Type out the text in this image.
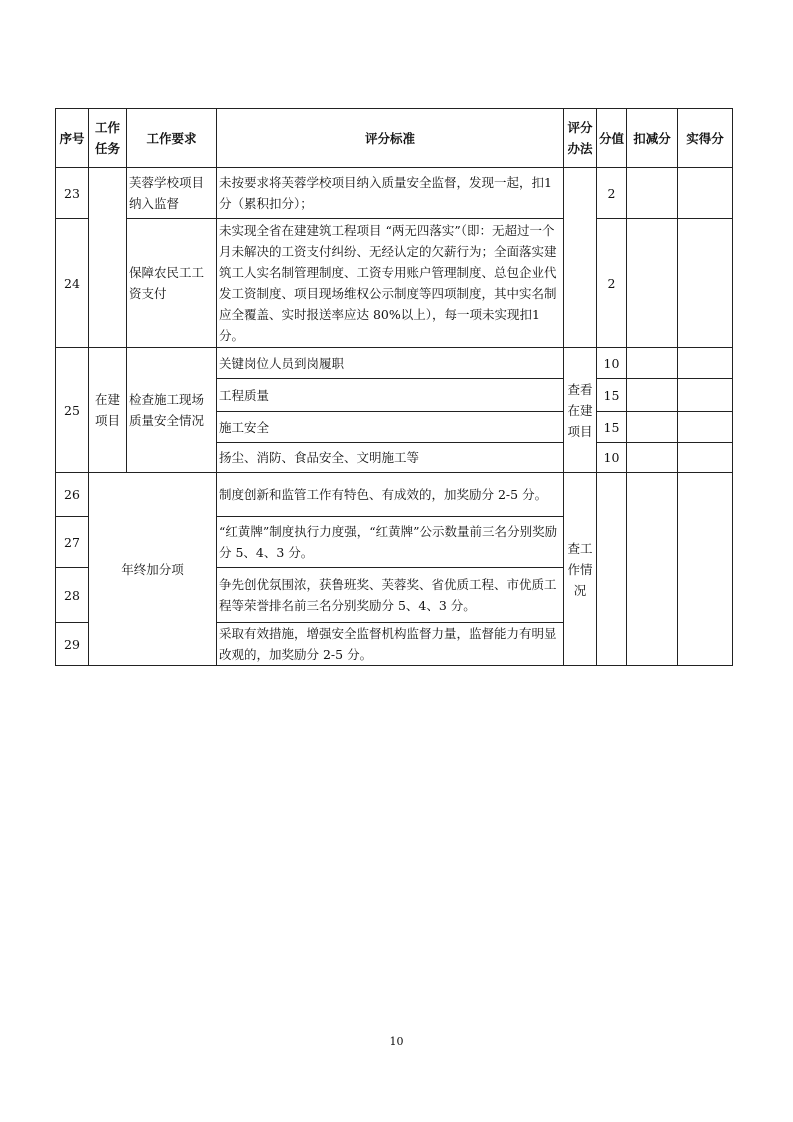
序号	工作任务	工作要求	评分标准	评分办法	分值	扣减分	实得分
23		芙蓉学校项目纳入监督	未按要求将芙蓉学校项目纳入质量安全监督，发现一起，扣1分（累积扣分）；		2		
24		保障农民工工资支付	未实现全省在建建筑工程项目 “两无四落实”（即：无超过一个月未解决的工资支付纠纷、无经认定的欠薪行为；全面落实建筑工人实名制管理制度、工资专用账户管理制度、总包企业代发工资制度、项目现场维权公示制度等四项制度，其中实名制应全覆盖、实时报送率应达 80%以上），每一项未实现扣1分。		2		
25	在建项目	检查施工现场质量安全情况	关键岗位人员到岗履职	查看在建项目	10		
			工程质量		15		
			施工安全		15		
			扬尘、消防、食品安全、文明施工等		10		
26	年终加分项		制度创新和监管工作有特色、有成效的，加奖励分 2-5 分。	查工作情况			
27			“红黄牌”制度执行力度强，“红黄牌”公示数量前三名分别奖励分 5、4、3 分。				
28			争先创优氛围浓，获鲁班奖、芙蓉奖、省优质工程、市优质工程等荣誉排名前三名分别奖励分 5、4、3 分。				
29			采取有效措施，增强安全监督机构监督力量，监督能力有明显改观的，加奖励分 2-5 分。				
10
